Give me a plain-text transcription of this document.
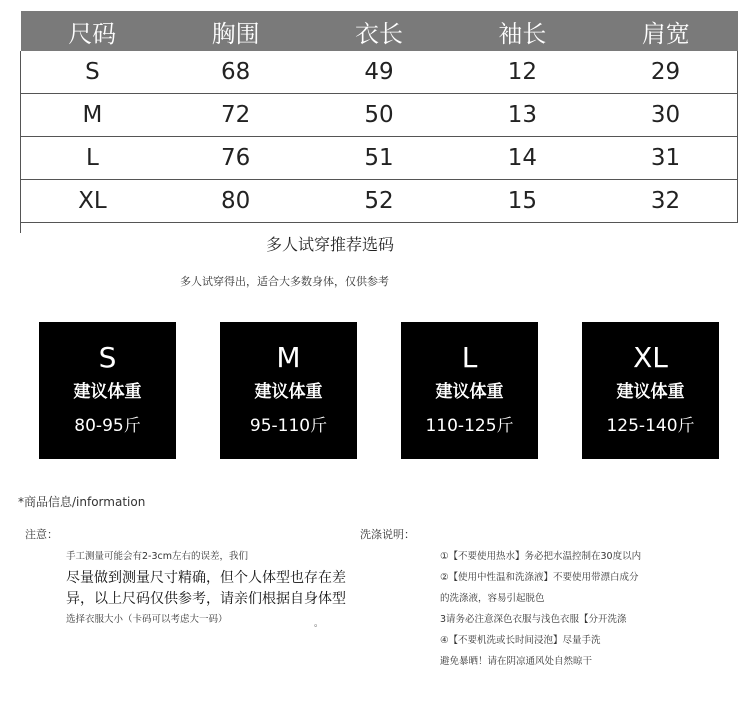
尺码	胸围	衣长	袖长	肩宽
S	68	49	12	29
M	72	50	13	30
L	76	51	14	31
XL	80	52	15	32
多人试穿推荐选码
多人试穿得出，适合大多数身体，仅供参考
S
建议体重
80-95斤
M
建议体重
95-110斤
L
建议体重
110-125斤
XL
建议体重
125-140斤
*商品信息/information
注意：	洗涤说明：
手工测量可能会有2-3cm左右的误差，我们
尽量做到测量尺寸精确，但个人体型也存在差
异，以上尺码仅供参考，请亲们根据自身体型
选择衣服大小（卡码可以考虑大一码）	。
①【不要使用热水】务必把水温控制在30度以内
②【使用中性温和洗涤液】不要使用带漂白成分
的洗涤液，容易引起脱色
3请务必注意深色衣服与浅色衣服【分开洗涤
④【不要机洗或长时间浸泡】尽量手洗
避免暴晒！请在阴凉通风处自然晾干
